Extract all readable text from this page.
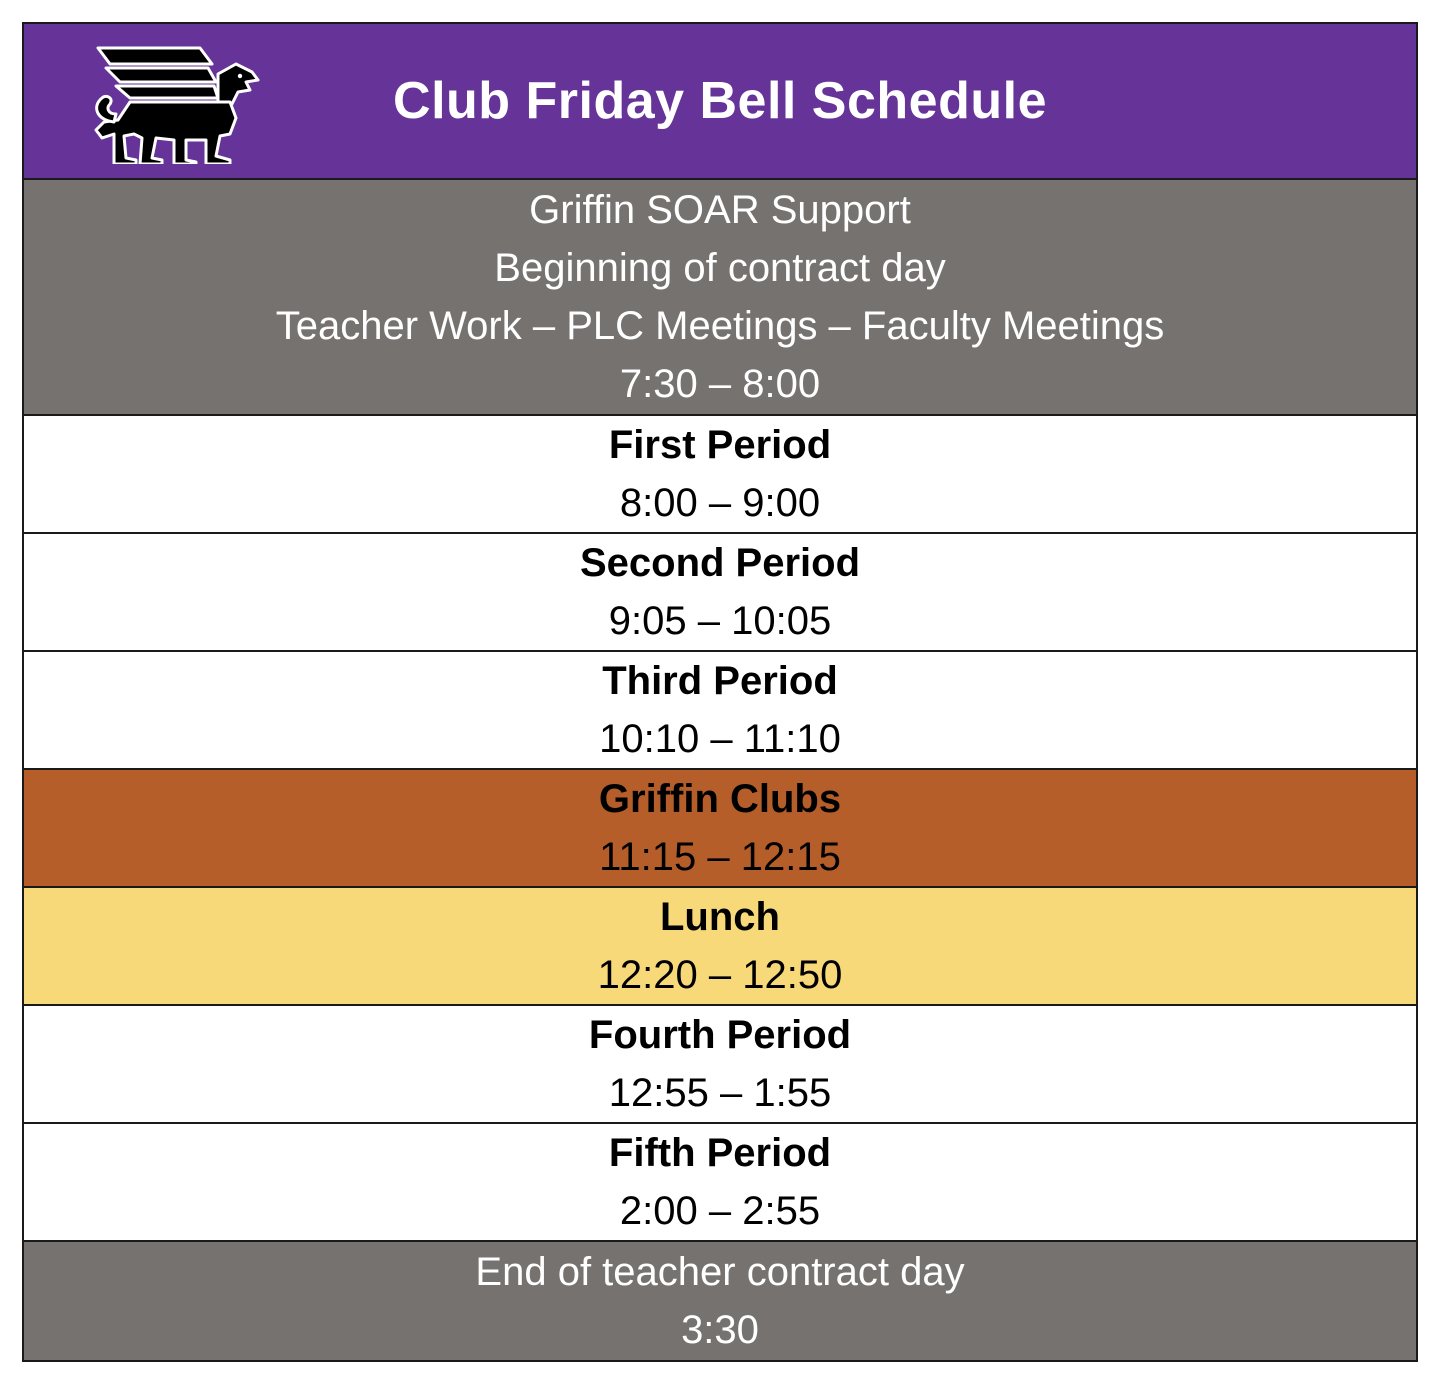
Club Friday Bell Schedule
Griffin SOAR Support
Beginning of contract day
Teacher Work – PLC Meetings – Faculty Meetings
7:30 – 8:00
First Period
8:00 – 9:00
Second Period
9:05 – 10:05
Third Period
10:10 – 11:10
Griffin Clubs
11:15 – 12:15
Lunch
12:20 – 12:50
Fourth Period
12:55 – 1:55
Fifth Period
2:00 – 2:55
End of teacher contract day
3:30
